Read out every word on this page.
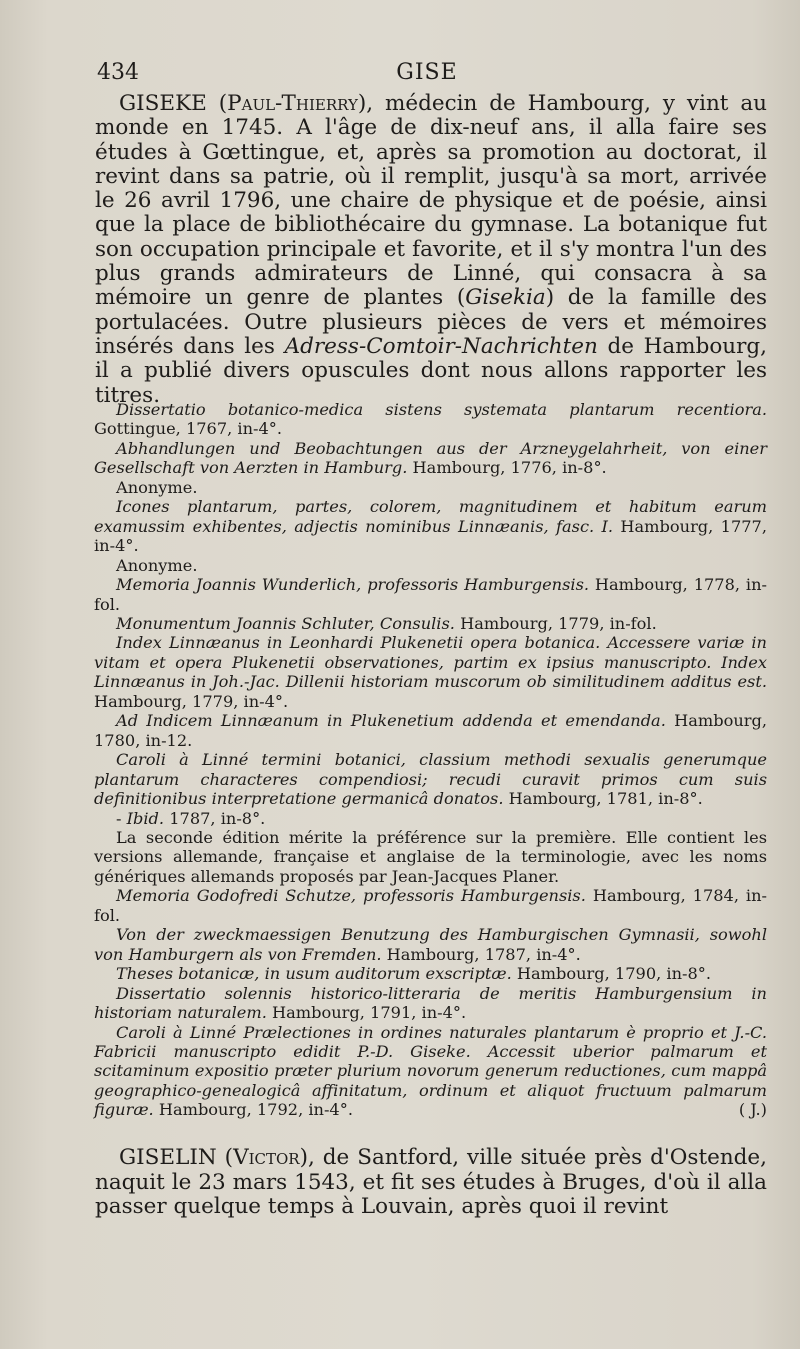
434	GISE

GISEKE (Paul-Thierry), médecin de Hambourg, y vint au monde en 1745. A l'âge de dix-neuf ans, il alla faire ses études à Gœttingue, et, après sa promotion au doctorat, il revint dans sa patrie, où il remplit, jusqu'à sa mort, arrivée le 26 avril 1796, une chaire de physique et de poésie, ainsi que la place de bibliothécaire du gymnase. La botanique fut son occupation principale et favorite, et il s'y montra l'un des plus grands admirateurs de Linné, qui consacra à sa mémoire un genre de plantes (Gisekia) de la famille des portulacées. Outre plusieurs pièces de vers et mémoires insérés dans les Adress-Comtoir-Nachrichten de Hambourg, il a publié divers opuscules dont nous allons rapporter les titres.

Dissertatio botanico-medica sistens systemata plantarum recentiora. Gottingue, 1767, in-4°.

Abhandlungen und Beobachtungen aus der Arzneygelahrheit, von einer Gesellschaft von Aerzten in Hamburg. Hambourg, 1776, in-8°.

Anonyme.

Icones plantarum, partes, colorem, magnitudinem et habitum earum examussim exhibentes, adjectis nominibus Linnæanis, fasc. I. Hambourg, 1777, in-4°.

Anonyme.

Memoria Joannis Wunderlich, professoris Hamburgensis. Hambourg, 1778, in-fol.

Monumentum Joannis Schluter, Consulis. Hambourg, 1779, in-fol.

Index Linnæanus in Leonhardi Plukenetii opera botanica. Accessere variæ in vitam et opera Plukenetii observationes, partim ex ipsius manuscripto. Index Linnæanus in Joh.-Jac. Dillenii historiam muscorum ob similitudinem additus est. Hambourg, 1779, in-4°.

Ad Indicem Linnæanum in Plukenetium addenda et emendanda. Hambourg, 1780, in-12.

Caroli à Linné termini botanici, classium methodi sexualis generumque plantarum characteres compendiosi; recudi curavit primos cum suis definitionibus interpretatione germanicâ donatos. Hambourg, 1781, in-8°.

- Ibid. 1787, in-8°.

La seconde édition mérite la préférence sur la première. Elle contient les versions allemande, française et anglaise de la terminologie, avec les noms génériques allemands proposés par Jean-Jacques Planer.

Memoria Godofredi Schutze, professoris Hamburgensis. Hambourg, 1784, in-fol.

Von der zweckmaessigen Benutzung des Hamburgischen Gymnasii, sowohl von Hamburgern als von Fremden. Hambourg, 1787, in-4°.

Theses botanicæ, in usum auditorum exscriptæ. Hambourg, 1790, in-8°.

Dissertatio solennis historico-litteraria de meritis Hamburgensium in historiam naturalem. Hambourg, 1791, in-4°.

Caroli à Linné Prælectiones in ordines naturales plantarum è proprio et J.-C. Fabricii manuscripto edidit P.-D. Giseke. Accessit uberior palmarum et scitaminum expositio præter plurium novorum generum reductiones, cum mappâ geographico-genealogicâ affinitatum, ordinum et aliquot fructuum palmarum figuræ. Hambourg, 1792, in-4°.	( J.)

GISELIN (Victor), de Santford, ville située près d'Ostende, naquit le 23 mars 1543, et fit ses études à Bruges, d'où il alla passer quelque temps à Louvain, après quoi il revint
